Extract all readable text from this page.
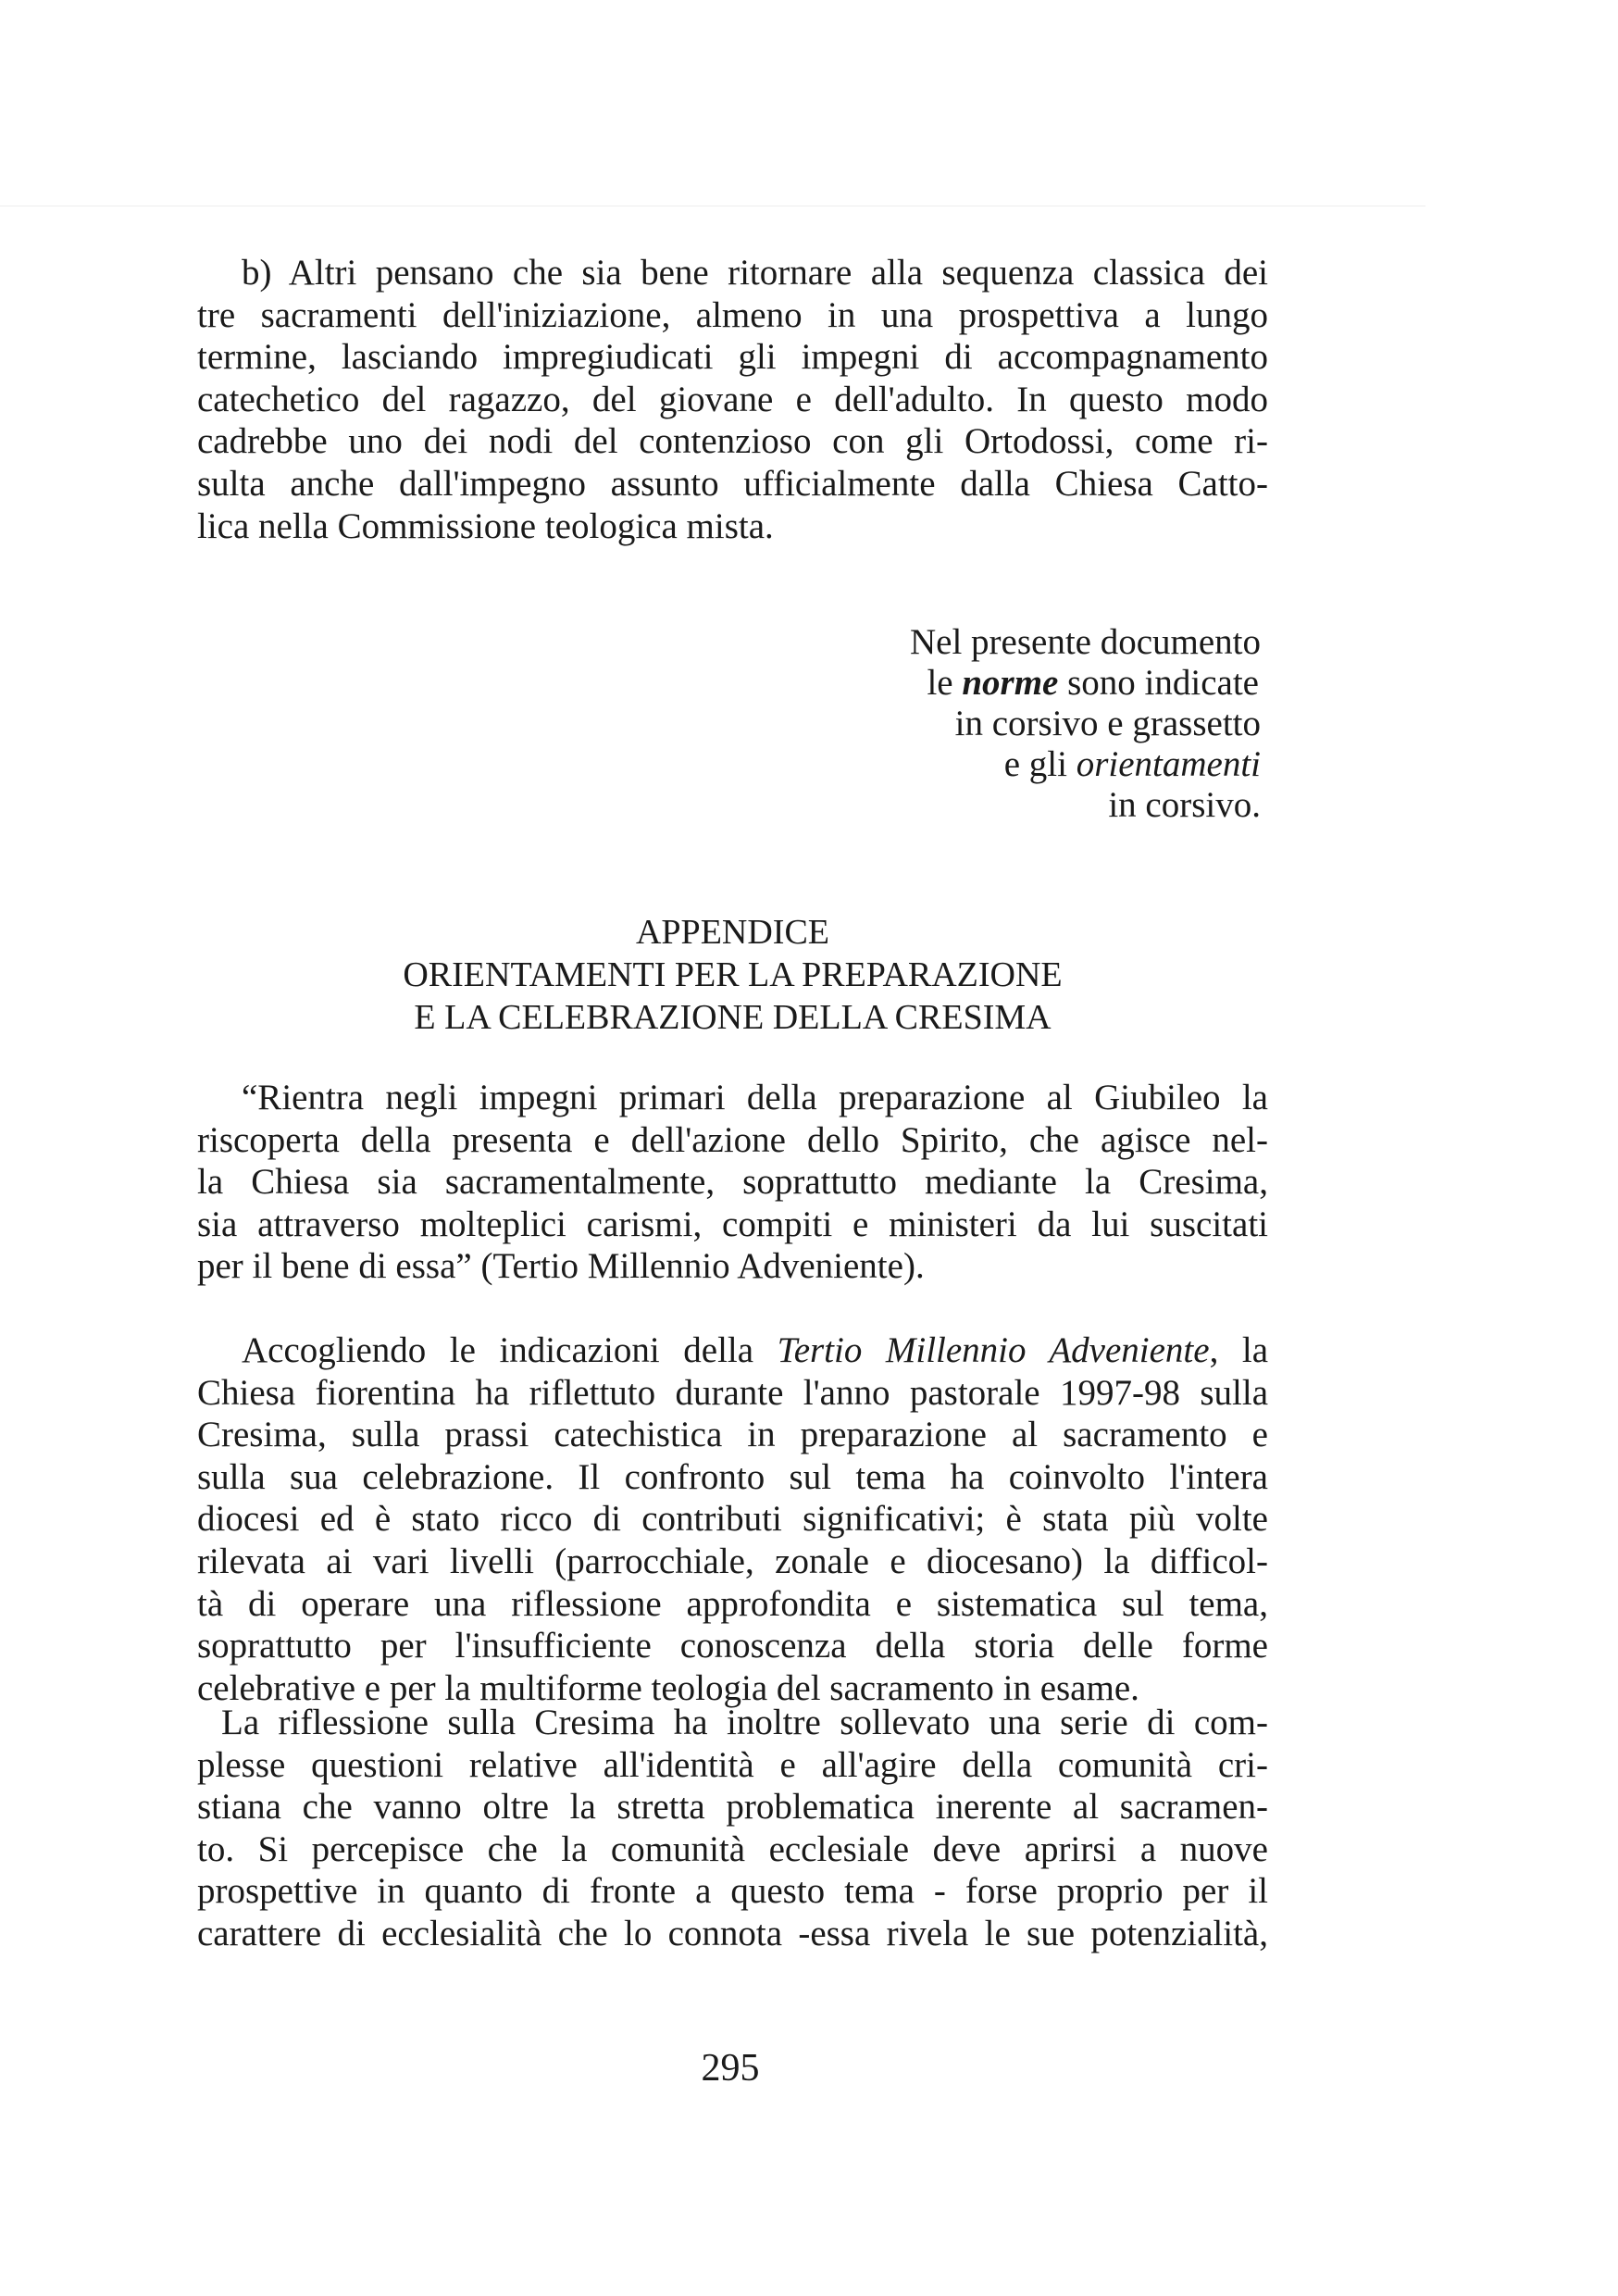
b) Altri pensano che sia bene ritornare alla sequenza classica dei
tre sacramenti dell'iniziazione, almeno in una prospettiva a lungo
termine, lasciando impregiudicati gli impegni di accompagnamento
catechetico del ragazzo, del giovane e dell'adulto. In questo modo
cadrebbe uno dei nodi del contenzioso con gli Ortodossi, come ri-
sulta anche dall'impegno assunto ufficialmente dalla Chiesa Catto-
lica nella Commissione teologica mista.
Nel presente documento
le norme sono indicate
in corsivo e grassetto
e gli orientamenti
in corsivo.
APPENDICE
ORIENTAMENTI PER LA PREPARAZIONE
E LA CELEBRAZIONE DELLA CRESIMA
“Rientra negli impegni primari della preparazione al Giubileo la
riscoperta della presenta e dell'azione dello Spirito, che agisce nel-
la Chiesa sia sacramentalmente, soprattutto mediante la Cresima,
sia attraverso molteplici carismi, compiti e ministeri da lui suscitati
per il bene di essa” (Tertio Millennio Adveniente).
Accogliendo le indicazioni della Tertio Millennio Adveniente, la
Chiesa fiorentina ha riflettuto durante l'anno pastorale 1997-98 sulla
Cresima, sulla prassi catechistica in preparazione al sacramento e
sulla sua celebrazione. Il confronto sul tema ha coinvolto l'intera
diocesi ed è stato ricco di contributi significativi; è stata più volte
rilevata ai vari livelli (parrocchiale, zonale e diocesano) la difficol-
tà di operare una riflessione approfondita e sistematica sul tema,
soprattutto per l'insufficiente conoscenza della storia delle forme
celebrative e per la multiforme teologia del sacramento in esame.
La riflessione sulla Cresima ha inoltre sollevato una serie di com-
plesse questioni relative all'identità e all'agire della comunità cri-
stiana che vanno oltre la stretta problematica inerente al sacramen-
to. Si percepisce che la comunità ecclesiale deve aprirsi a nuove
prospettive in quanto di fronte a questo tema - forse proprio per il
carattere di ecclesialità che lo connota -essa rivela le sue potenzialità,
295
